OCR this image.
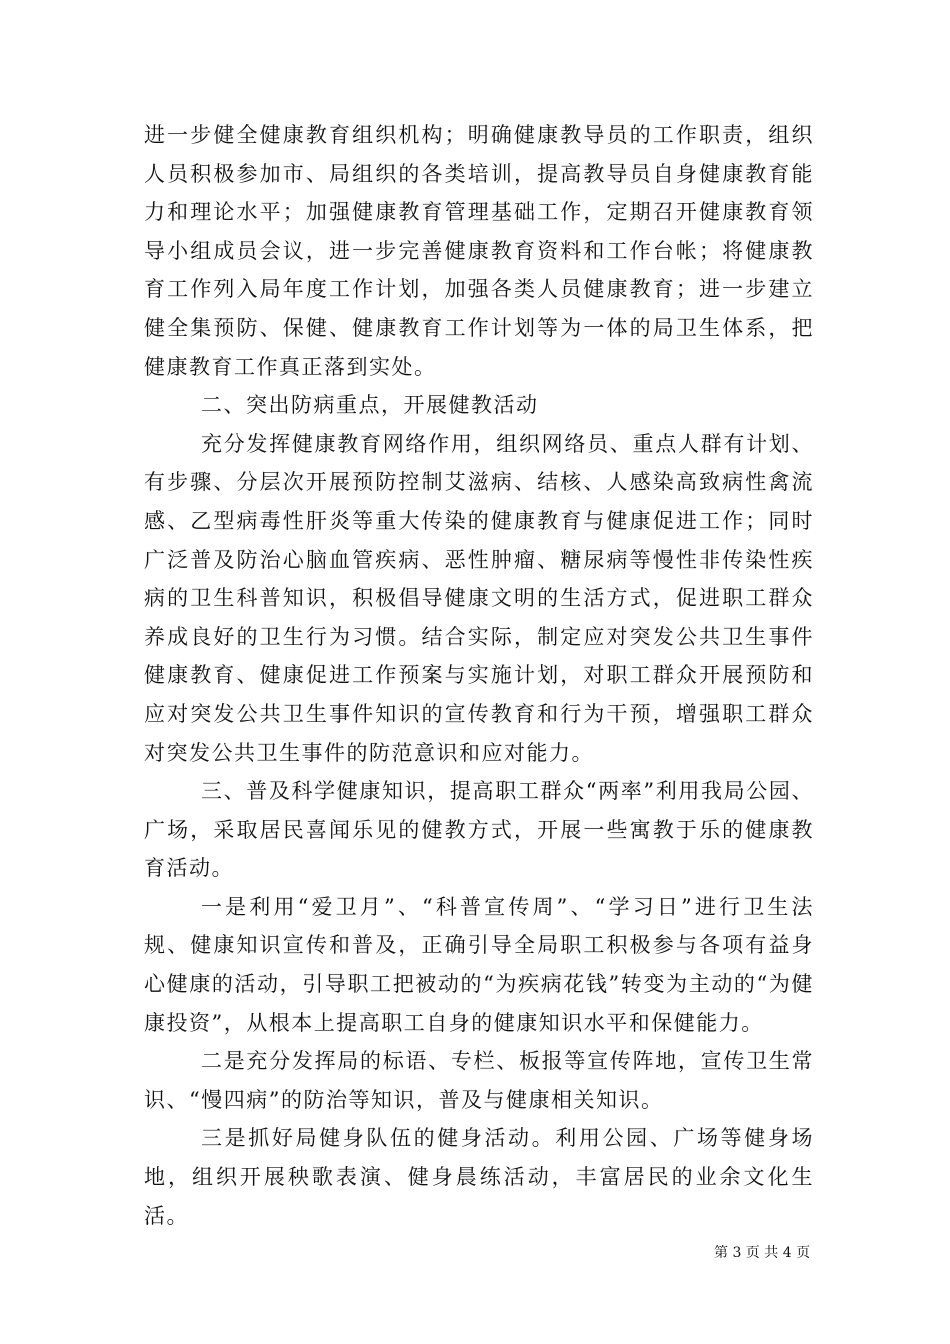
进一步健全健康教育组织机构；明确健康教导员的工作职责，组织人员积极参加市、局组织的各类培训，提高教导员自身健康教育能力和理论水平；加强健康教育管理基础工作，定期召开健康教育领导小组成员会议，进一步完善健康教育资料和工作台帐；将健康教育工作列入局年度工作计划，加强各类人员健康教育；进一步建立健全集预防、保健、健康教育工作计划等为一体的局卫生体系，把健康教育工作真正落到实处。

二、突出防病重点，开展健教活动

充分发挥健康教育网络作用，组织网络员、重点人群有计划、有步骤、分层次开展预防控制艾滋病、结核、人感染高致病性禽流感、乙型病毒性肝炎等重大传染的健康教育与健康促进工作；同时广泛普及防治心脑血管疾病、恶性肿瘤、糖尿病等慢性非传染性疾病的卫生科普知识，积极倡导健康文明的生活方式，促进职工群众养成良好的卫生行为习惯。结合实际，制定应对突发公共卫生事件健康教育、健康促进工作预案与实施计划，对职工群众开展预防和应对突发公共卫生事件知识的宣传教育和行为干预，增强职工群众对突发公共卫生事件的防范意识和应对能力。

三、普及科学健康知识，提高职工群众“两率”利用我局公园、广场，采取居民喜闻乐见的健教方式，开展一些寓教于乐的健康教育活动。

一是利用“爱卫月”、“科普宣传周”、“学习日”进行卫生法规、健康知识宣传和普及，正确引导全局职工积极参与各项有益身心健康的活动，引导职工把被动的“为疾病花钱”转变为主动的“为健康投资”，从根本上提高职工自身的健康知识水平和保健能力。

二是充分发挥局的标语、专栏、板报等宣传阵地，宣传卫生常识、“慢四病”的防治等知识，普及与健康相关知识。

三是抓好局健身队伍的健身活动。利用公园、广场等健身场地，组织开展秧歌表演、健身晨练活动，丰富居民的业余文化生活。

第 3 页 共 4 页
